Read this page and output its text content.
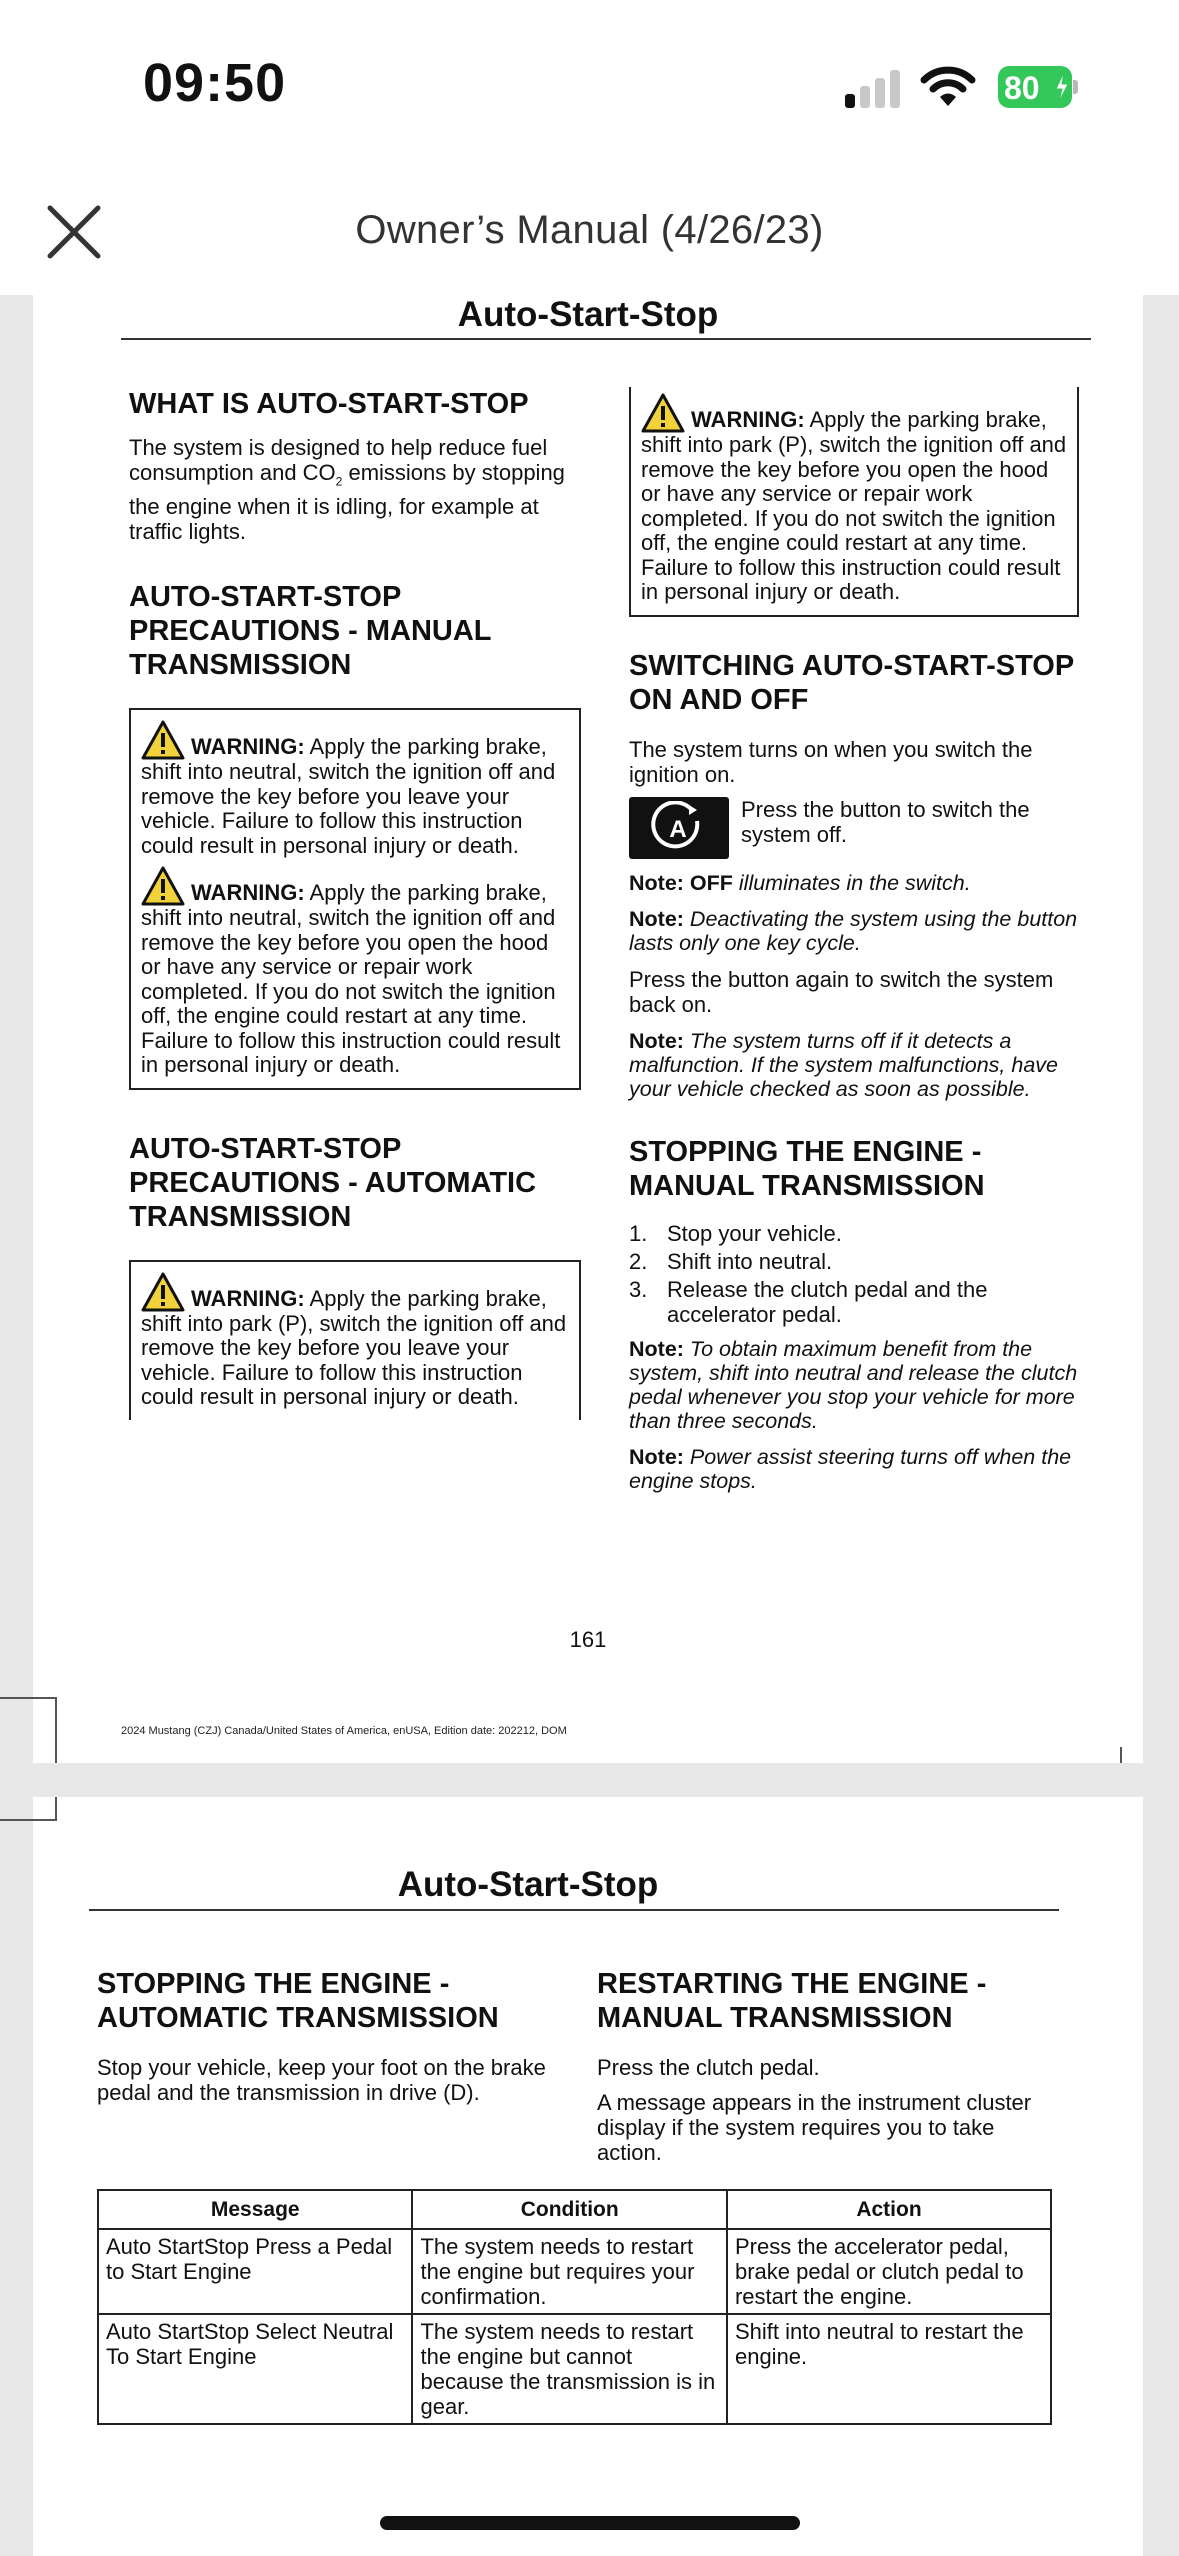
09:50	80
Owner’s Manual (4/26/23)
Auto-Start-Stop
WHAT IS AUTO-START-STOP
The system is designed to help reduce fuel consumption and $CO_2$ emissions by stopping the engine when it is idling, for example at traffic lights.
AUTO-START-STOP PRECAUTIONS - MANUAL TRANSMISSION

WARNING: Apply the parking brake, shift into neutral, switch the ignition off and remove the key before you leave your vehicle. Failure to follow this instruction could result in personal injury or death.

WARNING: Apply the parking brake, shift into neutral, switch the ignition off and remove the key before you open the hood or have any service or repair work completed. If you do not switch the ignition off, the engine could restart at any time. Failure to follow this instruction could result in personal injury or death.

AUTO-START-STOP PRECAUTIONS - AUTOMATIC TRANSMISSION

WARNING: Apply the parking brake, shift into park (P), switch the ignition off and remove the key before you leave your vehicle. Failure to follow this instruction could result in personal injury or death.

WARNING: Apply the parking brake, shift into park (P), switch the ignition off and remove the key before you open the hood or have any service or repair work completed. If you do not switch the ignition off, the engine could restart at any time. Failure to follow this instruction could result in personal injury or death.

SWITCHING AUTO-START-STOP ON AND OFF
The system turns on when you switch the ignition on.
A
Press the button to switch the system off.
Note: OFF illuminates in the switch.
Note: Deactivating the system using the button lasts only one key cycle.
Press the button again to switch the system back on.
Note: The system turns off if it detects a malfunction. If the system malfunctions, have your vehicle checked as soon as possible.
STOPPING THE ENGINE - MANUAL TRANSMISSION
1. Stop your vehicle.
2. Shift into neutral.
3. Release the clutch pedal and the accelerator pedal.
Note: To obtain maximum benefit from the system, shift into neutral and release the clutch pedal whenever you stop your vehicle for more than three seconds.
Note: Power assist steering turns off when the engine stops.
161
2024 Mustang (CZJ) Canada/United States of America, enUSA, Edition date: 202212, DOM
Auto-Start-Stop
STOPPING THE ENGINE - AUTOMATIC TRANSMISSION
Stop your vehicle, keep your foot on the brake pedal and the transmission in drive (D).
RESTARTING THE ENGINE - MANUAL TRANSMISSION
Press the clutch pedal.
A message appears in the instrument cluster display if the system requires you to take action.
Message	Condition	Action
Auto StartStop Press a Pedal to Start Engine	The system needs to restart the engine but requires your confirmation.	Press the accelerator pedal, brake pedal or clutch pedal to restart the engine.
Auto StartStop Select Neutral To Start Engine	The system needs to restart the engine but cannot because the transmission is in gear.	Shift into neutral to restart the engine.
